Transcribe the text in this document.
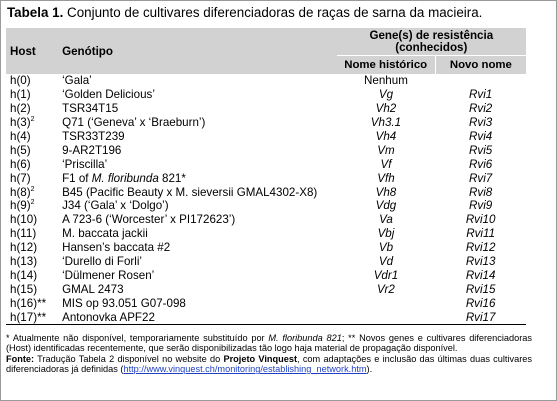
Tabela 1. Conjunto de cultivares diferenciadoras de raças de sarna da macieira.
Host	Genótipo	Gene(s) de resistência (conhecidos)	
		Nome histórico	Novo nome
h(0)	‘Gala’	Nenhum	
h(1)	‘Golden Delicious’	Vg	Rvi1
h(2)	TSR34T15	Vh2	Rvi2
$h(3)^2$	Q71 (‘Geneva’ x ‘Braeburn’)	Vh3.1	Rvi3
h(4)	TSR33T239	Vh4	Rvi4
h(5)	9-AR2T196	Vm	Rvi5
h(6)	‘Priscilla’	Vf	Rvi6
h(7)	F1 of M. floribunda 821*	Vfh	Rvi7
$h(8)^2$	B45 (Pacific Beauty x M. sieversii GMAL4302-X8)	Vh8	Rvi8
$h(9)^2$	J34 (‘Gala’ x ‘Dolgo’)	Vdg	Rvi9
h(10)	A 723-6 (‘Worcester’ x PI172623’)	Va	Rvi10
h(11)	M. baccata jackii	Vbj	Rvi11
h(12)	Hansen’s baccata #2	Vb	Rvi12
h(13)	‘Durello di Forli’	Vd	Rvi13
h(14)	‘Dülmener Rosen’	Vdr1	Rvi14
h(15)	GMAL 2473	Vr2	Rvi15
h(16)**	MIS op 93.051 G07-098		Rvi16
h(17)**	Antonovka APF22		Rvi17

* Atualmente não disponível, temporariamente substituído por M. floribunda 821; ** Novos genes e cultivares diferenciadoras (Host) identificadas recentemente, que serão disponibilizadas tão logo haja material de propagação disponível.

Fonte: Tradução Tabela 2 disponível no website do Projeto Vinquest, com adaptações e inclusão das últimas duas cultivares diferenciadoras já definidas (http://www.vinquest.ch/monitoring/establishing_network.htm).
